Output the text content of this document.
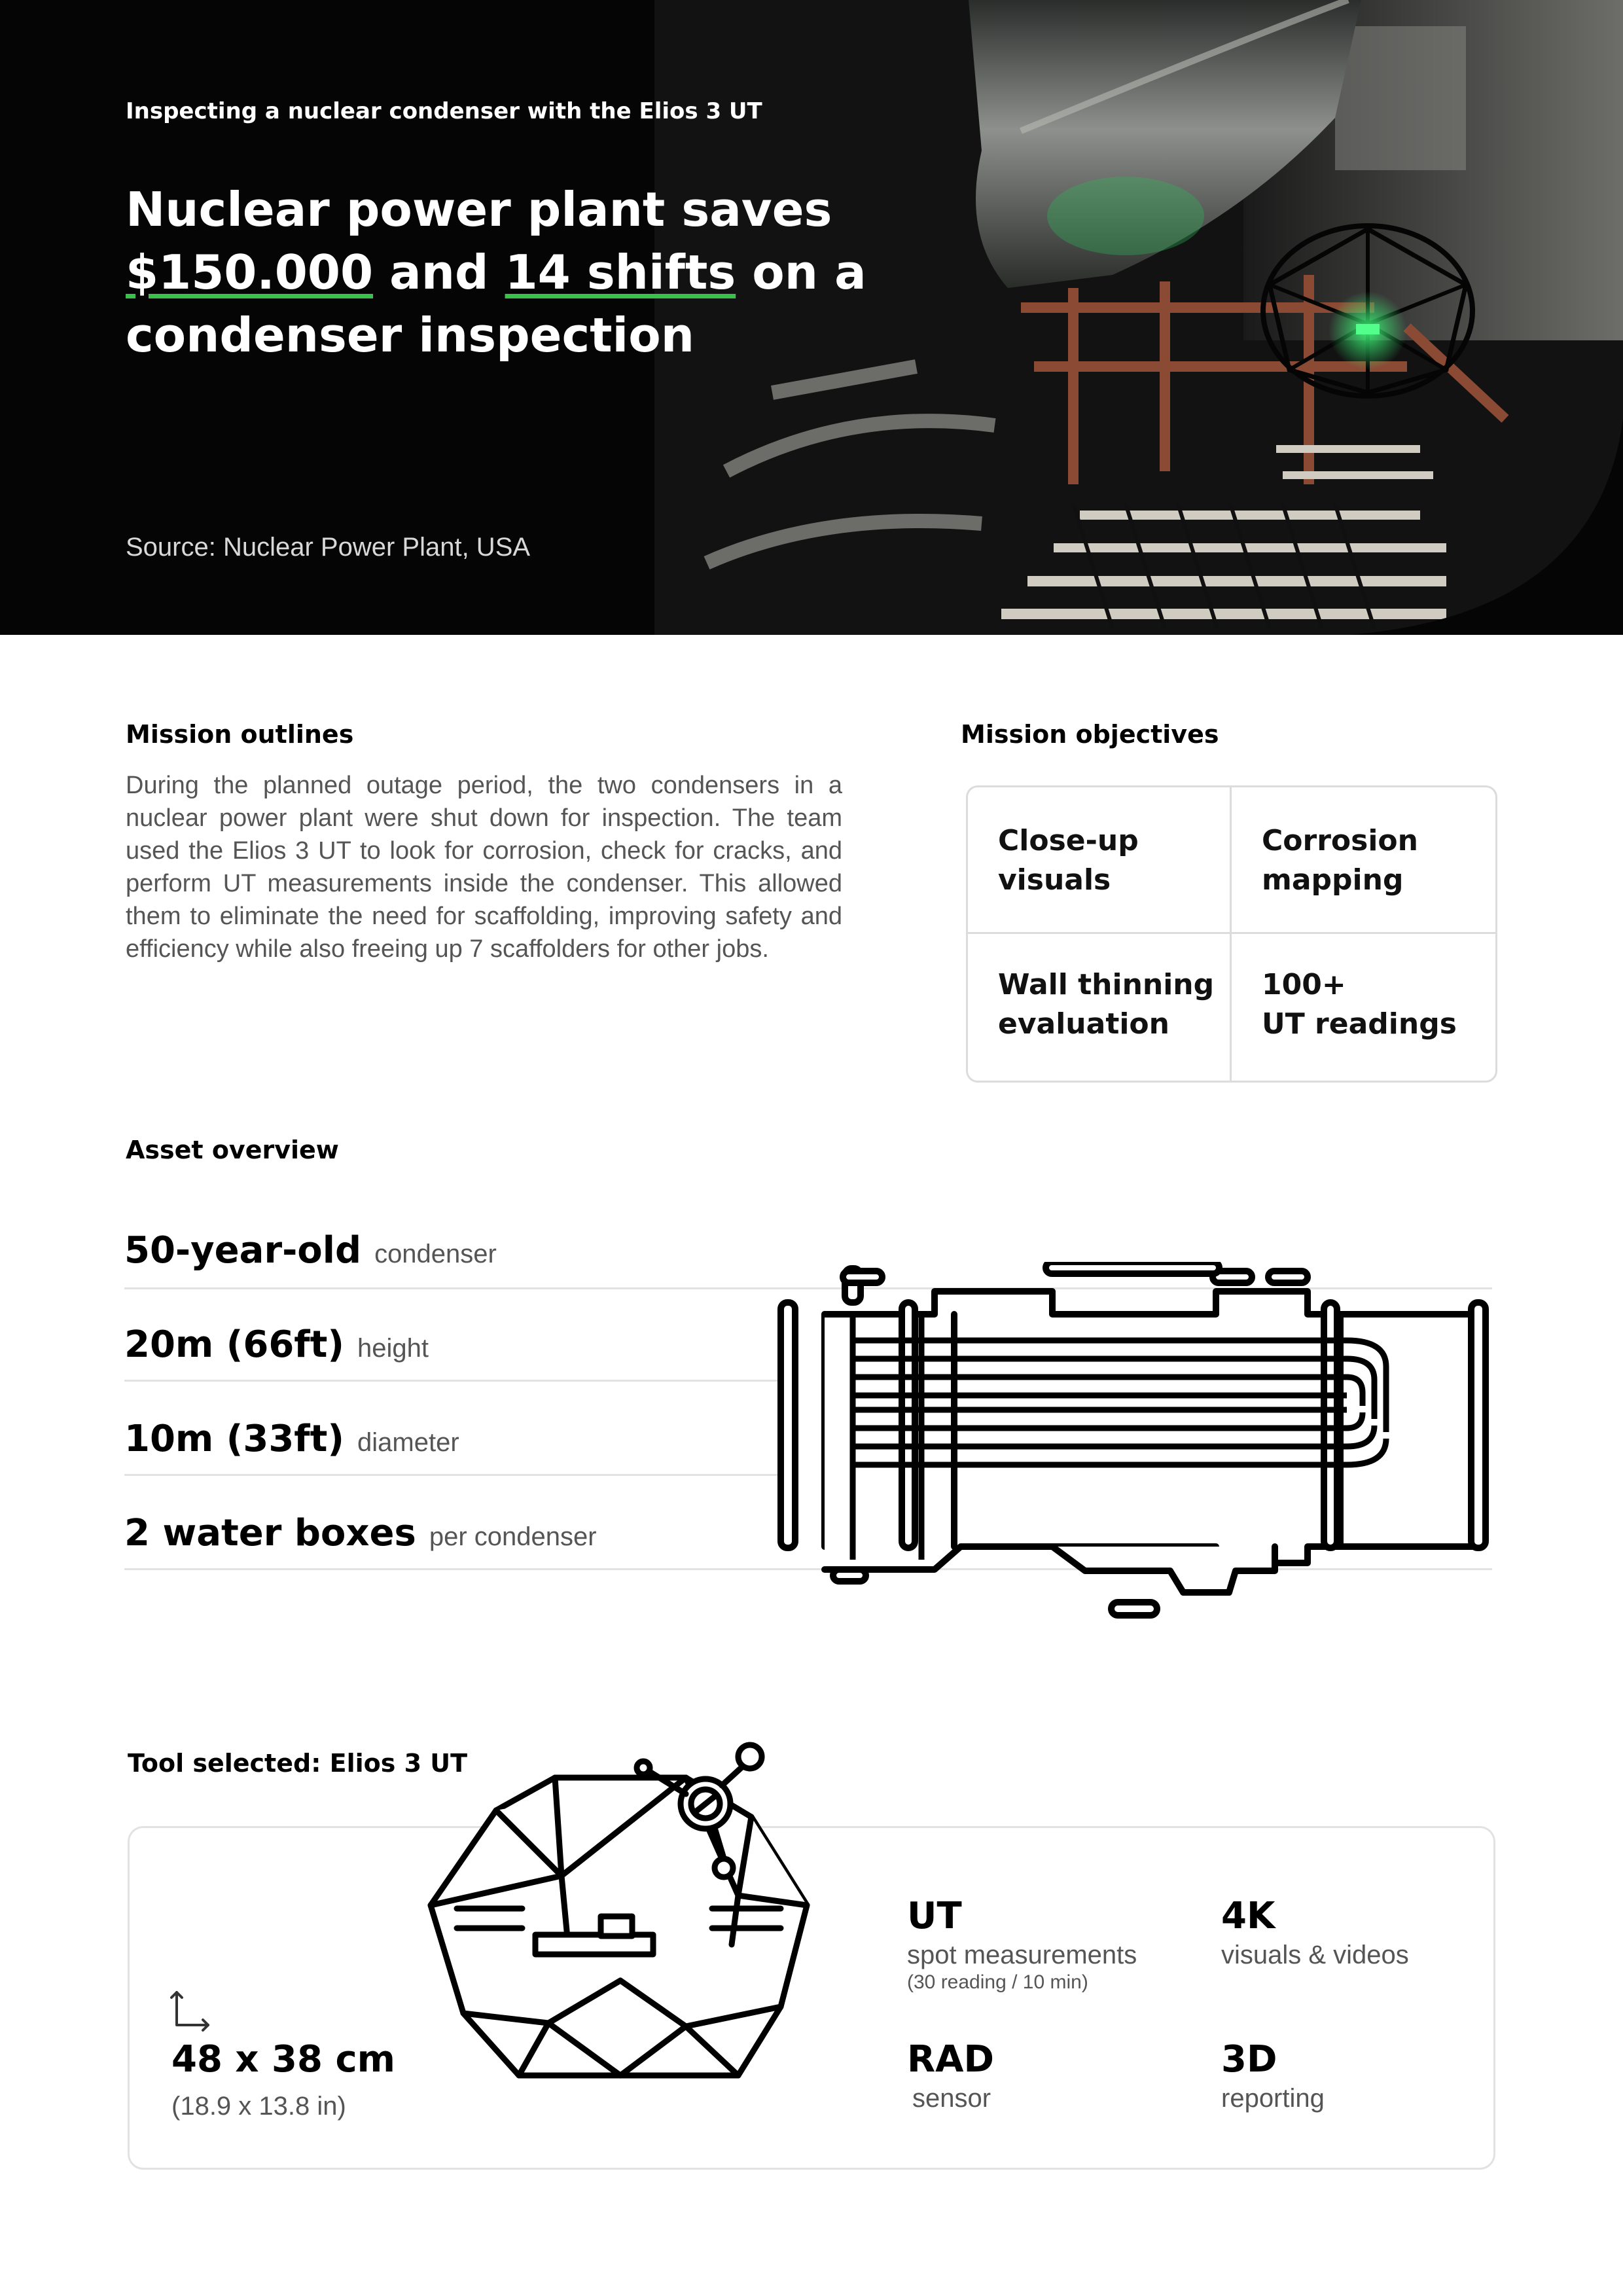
Inspecting a nuclear condenser with the Elios 3 UT
Nuclear power plant saves $150.000 and 14 shifts on a condenser inspection
Source: Nuclear Power Plant, USA
Mission outlines
During the planned outage period, the two condensers in a nuclear power plant were shut down for inspection. The team used the Elios 3 UT to look for corrosion, check for cracks, and perform UT measurements inside the condenser. This allowed them to eliminate the need for scaffolding, improving safety and efficiency while also freeing up 7 scaffolders for other jobs.
Mission objectives
Close-up
visuals
Corrosion
mapping
Wall thinning
evaluation
100+
UT readings
Asset overview
50-year-old condenser
20m (66ft) height
10m (33ft) diameter
2 water boxes per condenser
Tool selected: Elios 3 UT
48 x 38 cm
(18.9 x 13.8 in)
UT
spot measurements
(30 reading / 10 min)
4K
visuals & videos
RAD
sensor
3D
reporting
